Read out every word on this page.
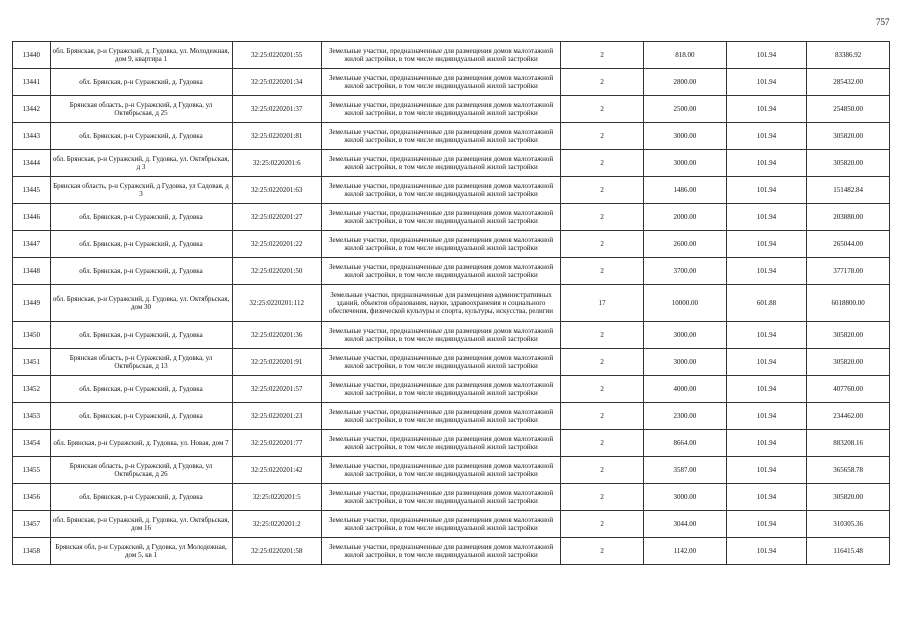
757
13440	обл. Брянская, р-н Суражский, д. Гудовка, ул. Молодежная, дом 9, квартира 1	32:25:0220201:55	Земельные участки, предназначенные для размещения домов малоэтажной жилой застройки, в том числе индивидуальной жилой застройки	2	818.00	101.94	83386.92
13441	обл. Брянская, р-н Суражский, д. Гудовка	32:25:0220201:34	Земельные участки, предназначенные для размещения домов малоэтажной жилой застройки, в том числе индивидуальной жилой застройки	2	2800.00	101.94	285432.00
13442	Брянская область, р-н Суражский, д Гудовка, ул Октябрьская, д 25	32:25:0220201:37	Земельные участки, предназначенные для размещения домов малоэтажной жилой застройки, в том числе индивидуальной жилой застройки	2	2500.00	101.94	254850.00
13443	обл. Брянская, р-н Суражский, д. Гудовка	32:25:0220201:81	Земельные участки, предназначенные для размещения домов малоэтажной жилой застройки, в том числе индивидуальной жилой застройки	2	3000.00	101.94	305820.00
13444	обл. Брянская, р-н Суражский, д. Гудовка, ул. Октябрьская, д 3	32:25:0220201:6	Земельные участки, предназначенные для размещения домов малоэтажной жилой застройки, в том числе индивидуальной жилой застройки	2	3000.00	101.94	305820.00
13445	Брянская область, р-н Суражский, д Гудовка, ул Садовая, д 3	32:25:0220201:63	Земельные участки, предназначенные для размещения домов малоэтажной жилой застройки, в том числе индивидуальной жилой застройки	2	1486.00	101.94	151482.84
13446	обл. Брянская, р-н Суражский, д. Гудовка	32:25:0220201:27	Земельные участки, предназначенные для размещения домов малоэтажной жилой застройки, в том числе индивидуальной жилой застройки	2	2000.00	101.94	203880.00
13447	обл. Брянская, р-н Суражский, д. Гудовка	32:25:0220201:22	Земельные участки, предназначенные для размещения домов малоэтажной жилой застройки, в том числе индивидуальной жилой застройки	2	2600.00	101.94	265044.00
13448	обл. Брянская, р-н Суражский, д. Гудовка	32:25:0220201:50	Земельные участки, предназначенные для размещения домов малоэтажной жилой застройки, в том числе индивидуальной жилой застройки	2	3700.00	101.94	377178.00
13449	обл. Брянская, р-н Суражский, д. Гудовка, ул. Октябрьская, дом 30	32:25:0220201:112	Земельные участки, предназначенные для размещения административных зданий, объектов образования, науки, здравоохранения и социального обеспечения, физической культуры и спорта, культуры, искусства, религии	17	10000.00	601.88	6018800.00
13450	обл. Брянская, р-н Суражский, д. Гудовка	32:25:0220201:36	Земельные участки, предназначенные для размещения домов малоэтажной жилой застройки, в том числе индивидуальной жилой застройки	2	3000.00	101.94	305820.00
13451	Брянская область, р-н Суражский, д Гудовка, ул Октябрьская, д 13	32:25:0220201:91	Земельные участки, предназначенные для размещения домов малоэтажной жилой застройки, в том числе индивидуальной жилой застройки	2	3000.00	101.94	305820.00
13452	обл. Брянская, р-н Суражский, д. Гудовка	32:25:0220201:57	Земельные участки, предназначенные для размещения домов малоэтажной жилой застройки, в том числе индивидуальной жилой застройки	2	4000.00	101.94	407760.00
13453	обл. Брянская, р-н Суражский, д. Гудовка	32:25:0220201:23	Земельные участки, предназначенные для размещения домов малоэтажной жилой застройки, в том числе индивидуальной жилой застройки	2	2300.00	101.94	234462.00
13454	обл. Брянская, р-н Суражский, д. Гудовка, ул. Новая, дом 7	32:25:0220201:77	Земельные участки, предназначенные для размещения домов малоэтажной жилой застройки, в том числе индивидуальной жилой застройки	2	8664.00	101.94	883208.16
13455	Брянская область, р-н Суражский, д Гудовка, ул Октябрьская, д 26	32:25:0220201:42	Земельные участки, предназначенные для размещения домов малоэтажной жилой застройки, в том числе индивидуальной жилой застройки	2	3587.00	101.94	365658.78
13456	обл. Брянская, р-н Суражский, д. Гудовка	32:25:0220201:5	Земельные участки, предназначенные для размещения домов малоэтажной жилой застройки, в том числе индивидуальной жилой застройки	2	3000.00	101.94	305820.00
13457	обл. Брянская, р-н Суражский, д. Гудовка, ул. Октябрьская, дом 16	32:25:0220201:2	Земельные участки, предназначенные для размещения домов малоэтажной жилой застройки, в том числе индивидуальной жилой застройки	2	3044.00	101.94	310305.36
13458	Брянская обл, р-н Суражский, д Гудовка, ул Молодежная, дом 5, кв 1	32:25:0220201:58	Земельные участки, предназначенные для размещения домов малоэтажной жилой застройки, в том числе индивидуальной жилой застройки	2	1142.00	101.94	116415.48
